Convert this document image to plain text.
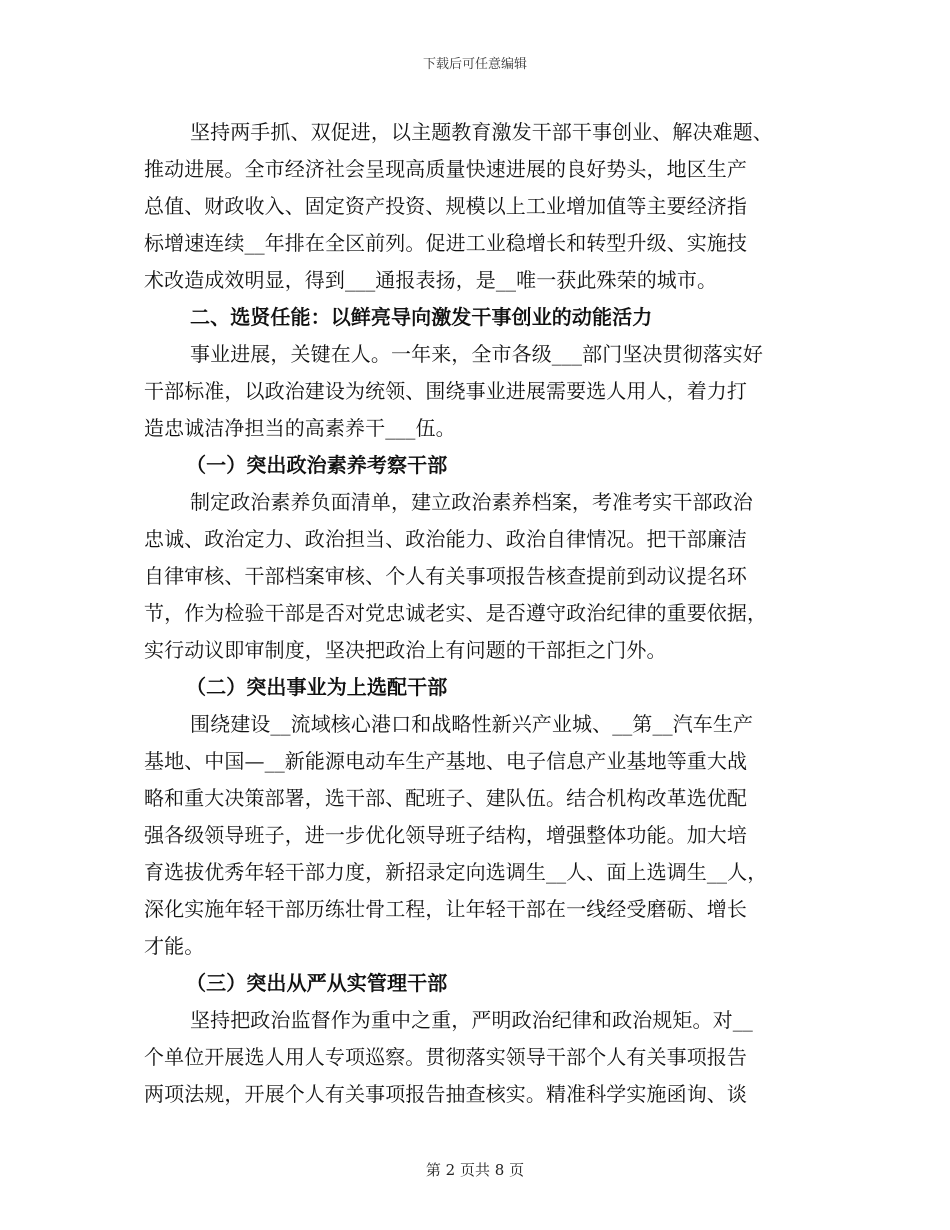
下载后可任意编辑
坚持两手抓、双促进，以主题教育激发干部干事创业、解决难题、
推动进展。全市经济社会呈现高质量快速进展的良好势头，地区生产
总值、财政收入、固定资产投资、规模以上工业增加值等主要经济指
标增速连续__年排在全区前列。促进工业稳增长和转型升级、实施技
术改造成效明显，得到___通报表扬，是__唯一获此殊荣的城市。
二、选贤任能：以鲜亮导向激发干事创业的动能活力
事业进展，关键在人。一年来，全市各级___部门坚决贯彻落实好
干部标准，以政治建设为统领、围绕事业进展需要选人用人，着力打
造忠诚洁净担当的高素养干___伍。
（一）突出政治素养考察干部
制定政治素养负面清单，建立政治素养档案，考准考实干部政治
忠诚、政治定力、政治担当、政治能力、政治自律情况。把干部廉洁
自律审核、干部档案审核、个人有关事项报告核查提前到动议提名环
节，作为检验干部是否对党忠诚老实、是否遵守政治纪律的重要依据，
实行动议即审制度，坚决把政治上有问题的干部拒之门外。
（二）突出事业为上选配干部
围绕建设__流域核心港口和战略性新兴产业城、__第__汽车生产
基地、中国—__新能源电动车生产基地、电子信息产业基地等重大战
略和重大决策部署，选干部、配班子、建队伍。结合机构改革选优配
强各级领导班子，进一步优化领导班子结构，增强整体功能。加大培
育选拔优秀年轻干部力度，新招录定向选调生__人、面上选调生__人，
深化实施年轻干部历练壮骨工程，让年轻干部在一线经受磨砺、增长
才能。
（三）突出从严从实管理干部
坚持把政治监督作为重中之重，严明政治纪律和政治规矩。对__
个单位开展选人用人专项巡察。贯彻落实领导干部个人有关事项报告
两项法规，开展个人有关事项报告抽查核实。精准科学实施函询、谈
第 2 页共 8 页
